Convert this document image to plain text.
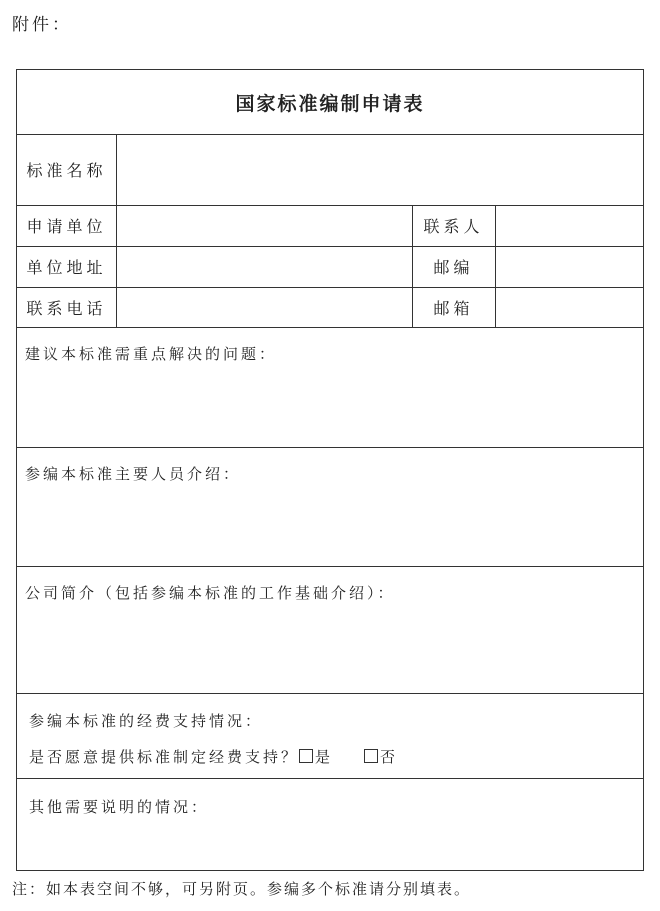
附件：
国家标准编制申请表
标准名称
申请单位	联系人
单位地址	邮编
联系电话	邮箱
建议本标准需重点解决的问题：
参编本标准主要人员介绍：
公司简介（包括参编本标准的工作基础介绍）：
参编本标准的经费支持情况：
是否愿意提供标准制定经费支持？ 是	否
其他需要说明的情况：
注：如本表空间不够，可另附页。参编多个标准请分别填表。
